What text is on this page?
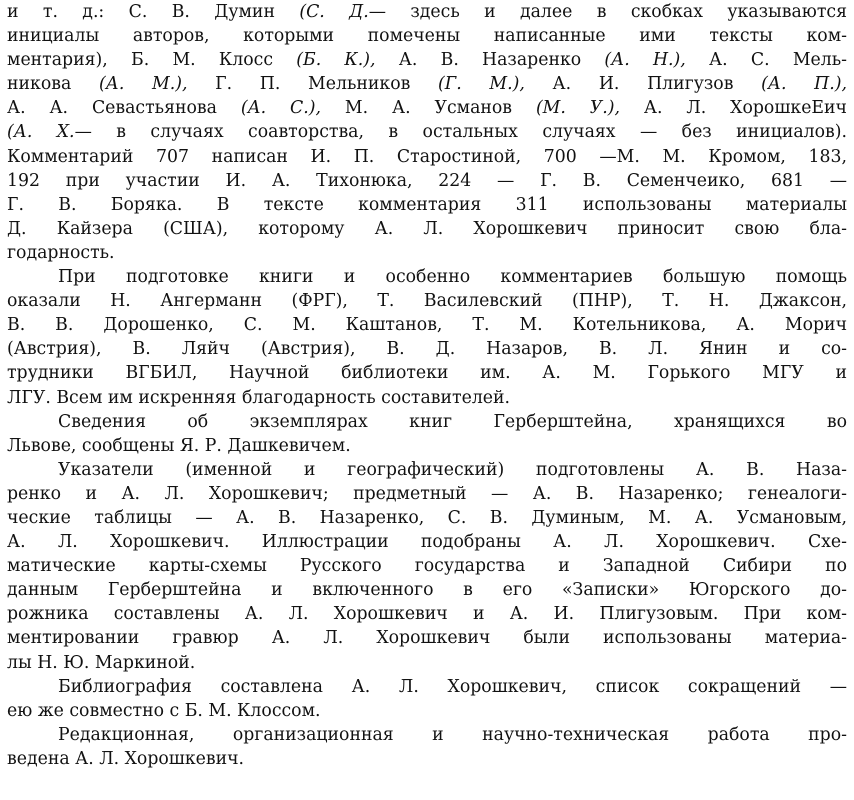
и т. д.: С. В. Думин (С. Д.— здесь и далее в скобках указываются
инициалы авторов, которыми помечены написанные ими тексты ком-
ментария), Б. М. Клосс (Б. К.), А. В. Назаренко (А. Н.), А. С. Мель-
никова (А. М.), Г. П. Мельников (Г. М.), А. И. Плигузов (А. П.),
А. А. Севастьянова (А. С.), М. А. Усманов (М. У.), А. Л. ХорошкеЕич
(А. X.— в случаях соавторства, в остальных случаях — без инициалов).
Комментарий 707 написан И. П. Старостиной, 700 —М. М. Кромом, 183,
192 при участии И. А. Тихонюка, 224 — Г. В. Семенчеико, 681 —
Г. В. Боряка. В тексте комментария 311 использованы материалы
Д. Кайзера (США), которому А. Л. Хорошкевич приносит свою бла-
годарность.
При подготовке книги и особенно комментариев большую помощь
оказали Н. Ангерманн (ФРГ), Т. Василевский (ПНР), Т. Н. Джаксон,
В. В. Дорошенко, С. М. Каштанов, Т. М. Котельникова, А. Морич
(Австрия), В. Ляйч (Австрия), В. Д. Назаров, В. Л. Янин и со-
трудники ВГБИЛ, Научной библиотеки им. А. М. Горького МГУ и
ЛГУ. Всем им искренняя благодарность составителей.
Сведения об экземплярах книг Герберштейна, хранящихся во
Львове, сообщены Я. Р. Дашкевичем.
Указатели (именной и географический) подготовлены А. В. Наза-
ренко и А. Л. Хорошкевич; предметный — А. В. Назаренко; генеалоги-
ческие таблицы — А. В. Назаренко, С. В. Думиным, М. А. Усмановым,
А. Л. Хорошкевич. Иллюстрации подобраны А. Л. Хорошкевич. Схе-
матические карты-схемы Русского государства и Западной Сибири по
данным Герберштейна и включенного в его «Записки» Югорского до-
рожника составлены А. Л. Хорошкевич и А. И. Плигузовым. При ком-
ментировании гравюр А. Л. Хорошкевич были использованы материа-
лы Н. Ю. Маркиной.
Библиография составлена А. Л. Хорошкевич, список сокращений —
ею же совместно с Б. М. Клоссом.
Редакционная, организационная и научно-техническая работа про-
ведена А. Л. Хорошкевич.
